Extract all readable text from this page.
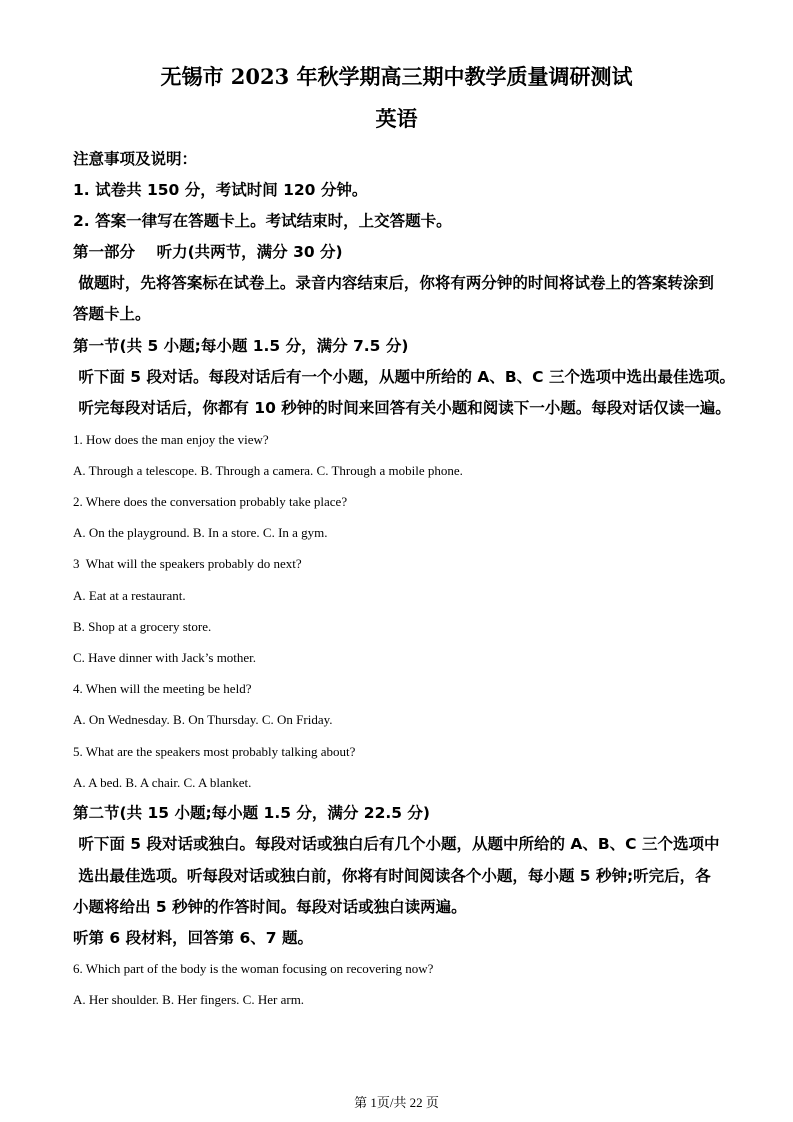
无锡市 2023 年秋学期高三期中教学质量调研测试
英语
注意事项及说明：
1. 试卷共 150 分，考试时间 120 分钟。
2. 答案一律写在答题卡上。考试结束时，上交答题卡。
第一部分    听力(共两节，满分 30 分)
做题时，先将答案标在试卷上。录音内容结束后，你将有两分钟的时间将试卷上的答案转涂到
答题卡上。
第一节(共 5 小题;每小题 1.5 分，满分 7.5 分)
听下面 5 段对话。每段对话后有一个小题，从题中所给的 A、B、C 三个选项中选出最佳选项。
听完每段对话后，你都有 10 秒钟的时间来回答有关小题和阅读下一小题。每段对话仅读一遍。
1. How does the man enjoy the view?
A. Through a telescope. B. Through a camera. C. Through a mobile phone.
2. Where does the conversation probably take place?
A. On the playground. B. In a store. C. In a gym.
3  What will the speakers probably do next?
A. Eat at a restaurant.
B. Shop at a grocery store.
C. Have dinner with Jack’s mother.
4. When will the meeting be held?
A. On Wednesday. B. On Thursday. C. On Friday.
5. What are the speakers most probably talking about?
A. A bed. B. A chair. C. A blanket.
第二节(共 15 小题;每小题 1.5 分，满分 22.5 分)
听下面 5 段对话或独白。每段对话或独白后有几个小题，从题中所给的 A、B、C 三个选项中
选出最佳选项。听每段对话或独白前，你将有时间阅读各个小题，每小题 5 秒钟;听完后，各
小题将给出 5 秒钟的作答时间。每段对话或独白读两遍。
听第 6 段材料，回答第 6、7 题。
6. Which part of the body is the woman focusing on recovering now?
A. Her shoulder. B. Her fingers. C. Her arm.
第 1页/共 22 页
